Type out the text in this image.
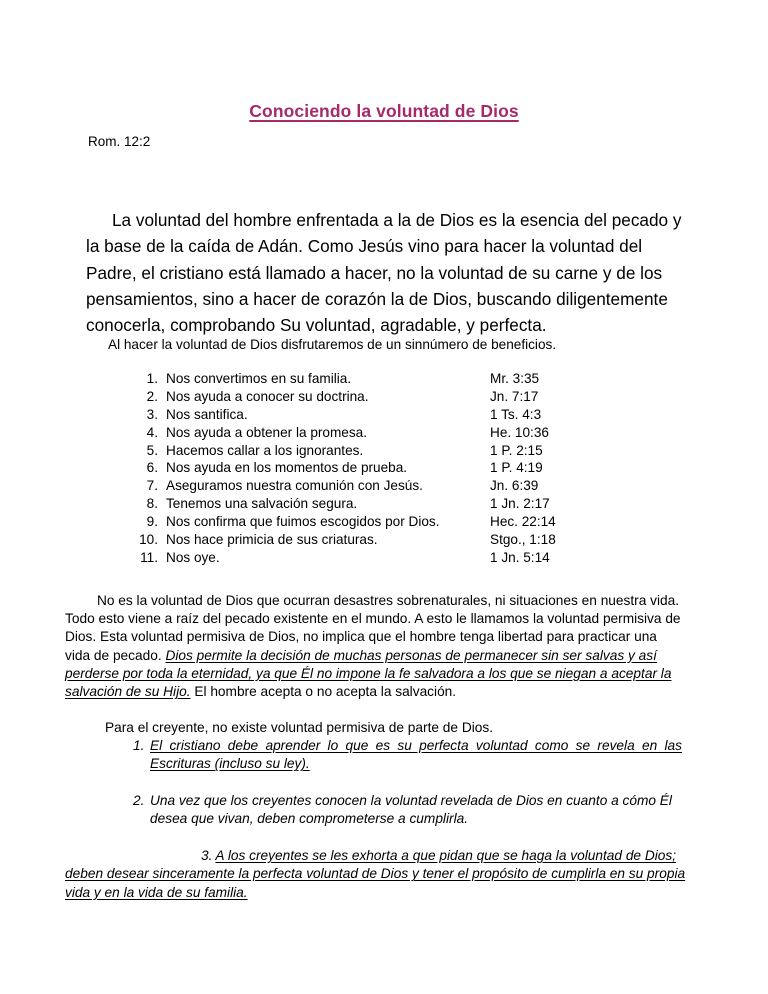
Conociendo la voluntad de Dios
Rom. 12:2

La voluntad del hombre enfrentada a la de Dios es la esencia del pecado y la base de la caída de Adán. Como Jesús vino para hacer la voluntad del Padre, el cristiano está llamado a hacer, no la voluntad de su carne y de los pensamientos, sino a hacer de corazón la de Dios, buscando diligentemente conocerla, comprobando Su voluntad, agradable, y perfecta.

Al hacer la voluntad de Dios disfrutaremos de un sinnúmero de beneficios.
1. Nos convertimos en su familia.	Mr. 3:35
2. Nos ayuda a conocer su doctrina.	Jn. 7:17
3. Nos santifica.	1 Ts. 4:3
4. Nos ayuda a obtener la promesa.	He. 10:36
5. Hacemos callar a los ignorantes.	1 P. 2:15
6. Nos ayuda en los momentos de prueba.	1 P. 4:19
7. Aseguramos nuestra comunión con Jesús.	Jn. 6:39
8. Tenemos una salvación segura.	1 Jn. 2:17
9. Nos confirma que fuimos escogidos por Dios.	Hec. 22:14
10. Nos hace primicia de sus criaturas.	Stgo., 1:18
11. Nos oye.	1 Jn. 5:14

No es la voluntad de Dios que ocurran desastres sobrenaturales, ni situaciones en nuestra vida. Todo esto viene a raíz del pecado existente en el mundo. A esto le llamamos la voluntad permisiva de Dios. Esta voluntad permisiva de Dios, no implica que el hombre tenga libertad para practicar una vida de pecado. Dios permite la decisión de muchas personas de permanecer sin ser salvas y así perderse por toda la eternidad, ya que Él no impone la fe salvadora a los que se niegan a aceptar la salvación de su Hijo. El hombre acepta o no acepta la salvación.

Para el creyente, no existe voluntad permisiva de parte de Dios.
1. El cristiano debe aprender lo que es su perfecta voluntad como se revela en las Escrituras (incluso su ley).
2. Una vez que los creyentes conocen la voluntad revelada de Dios en cuanto a cómo Él desea que vivan, deben comprometerse a cumplirla.
3. A los creyentes se les exhorta a que pidan que se haga la voluntad de Dios; deben desear sinceramente la perfecta voluntad de Dios y tener el propósito de cumplirla en su propia vida y en la vida de su familia.
